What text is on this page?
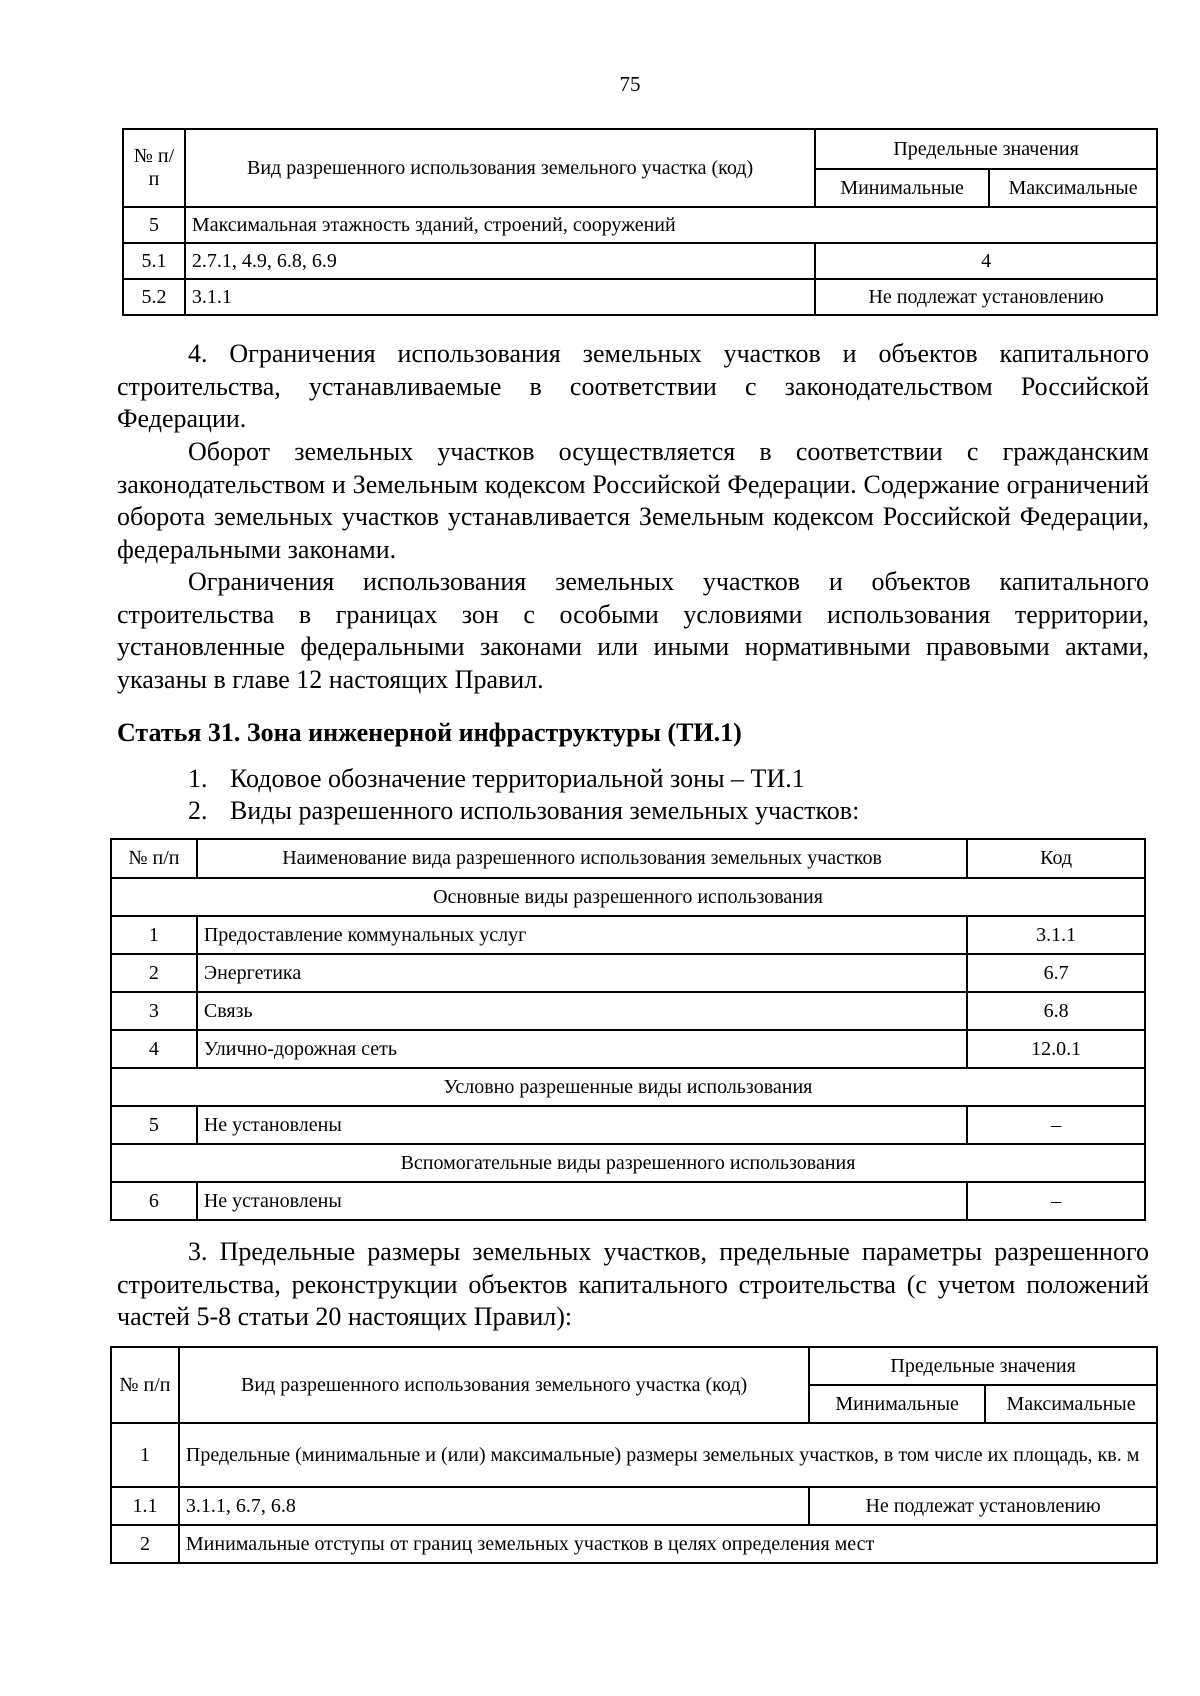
75
№ п/п	Вид разрешенного использования земельного участка (код)	Предельные значения	
		Минимальные	Максимальные
5	Максимальная этажность зданий, строений, сооружений		
5.1	2.7.1, 4.9, 6.8, 6.9	4	
5.2	3.1.1	Не подлежат установлению	

4. Ограничения использования земельных участков и объектов капитального строительства, устанавливаемые в соответствии с законодательством Российской Федерации.

Оборот земельных участков осуществляется в соответствии с гражданским законодательством и Земельным кодексом Российской Федерации. Содержание ограничений оборота земельных участков устанавливается Земельным кодексом Российской Федерации, федеральными законами.

Ограничения использования земельных участков и объектов капитального строительства в границах зон с особыми условиями использования территории, установленные федеральными законами или иными нормативными правовыми актами, указаны в главе 12 настоящих Правил.

Статья 31. Зона инженерной инфраструктуры (ТИ.1)

1. Кодовое обозначение территориальной зоны – ТИ.1

2. Виды разрешенного использования земельных участков:

№ п/п	Наименование вида разрешенного использования земельных участков	Код
Основные виды разрешенного использования		
1	Предоставление коммунальных услуг	3.1.1
2	Энергетика	6.7
3	Связь	6.8
4	Улично-дорожная сеть	12.0.1
Условно разрешенные виды использования		
5	Не установлены	–
Вспомогательные виды разрешенного использования		
6	Не установлены	–

3. Предельные размеры земельных участков, предельные параметры разрешенного строительства, реконструкции объектов капитального строительства (с учетом положений частей 5-8 статьи 20 настоящих Правил):

№ п/п	Вид разрешенного использования земельного участка (код)	Предельные значения	
		Минимальные	Максимальные
1	Предельные (минимальные и (или) максимальные) размеры земельных участков, в том числе их площадь, кв. м		
1.1	3.1.1, 6.7, 6.8	Не подлежат установлению	
2	Минимальные отступы от границ земельных участков в целях определения мест		
